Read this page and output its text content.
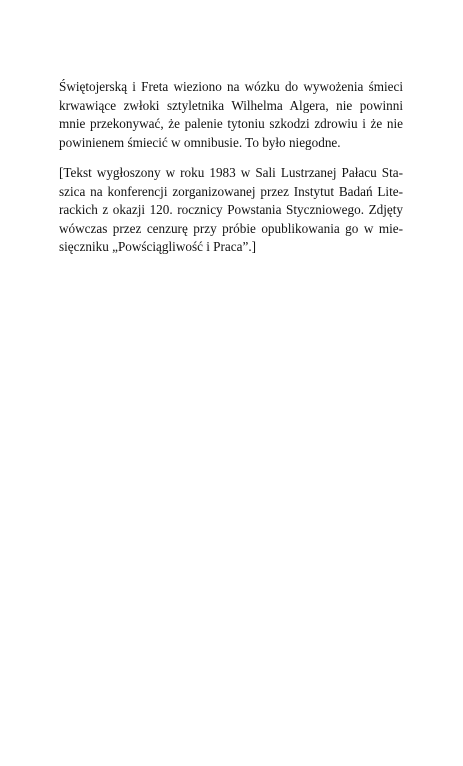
Świętojerską i Freta wieziono na wózku do wywożenia śmieci
krwawiące zwłoki sztyletnika Wilhelma Algera, nie powinni
mnie przekonywać, że palenie tytoniu szkodzi zdrowiu i że nie
powinienem śmiecić w omnibusie. To było niegodne.

[Tekst wygłoszony w roku 1983 w Sali Lustrzanej Pałacu Sta-
szica na konferencji zorganizowanej przez Instytut Badań Lite-
rackich z okazji 120. rocznicy Powstania Styczniowego. Zdjęty
wówczas przez cenzurę przy próbie opublikowania go w mie-
sięczniku „Powściągliwość i Praca”.]
